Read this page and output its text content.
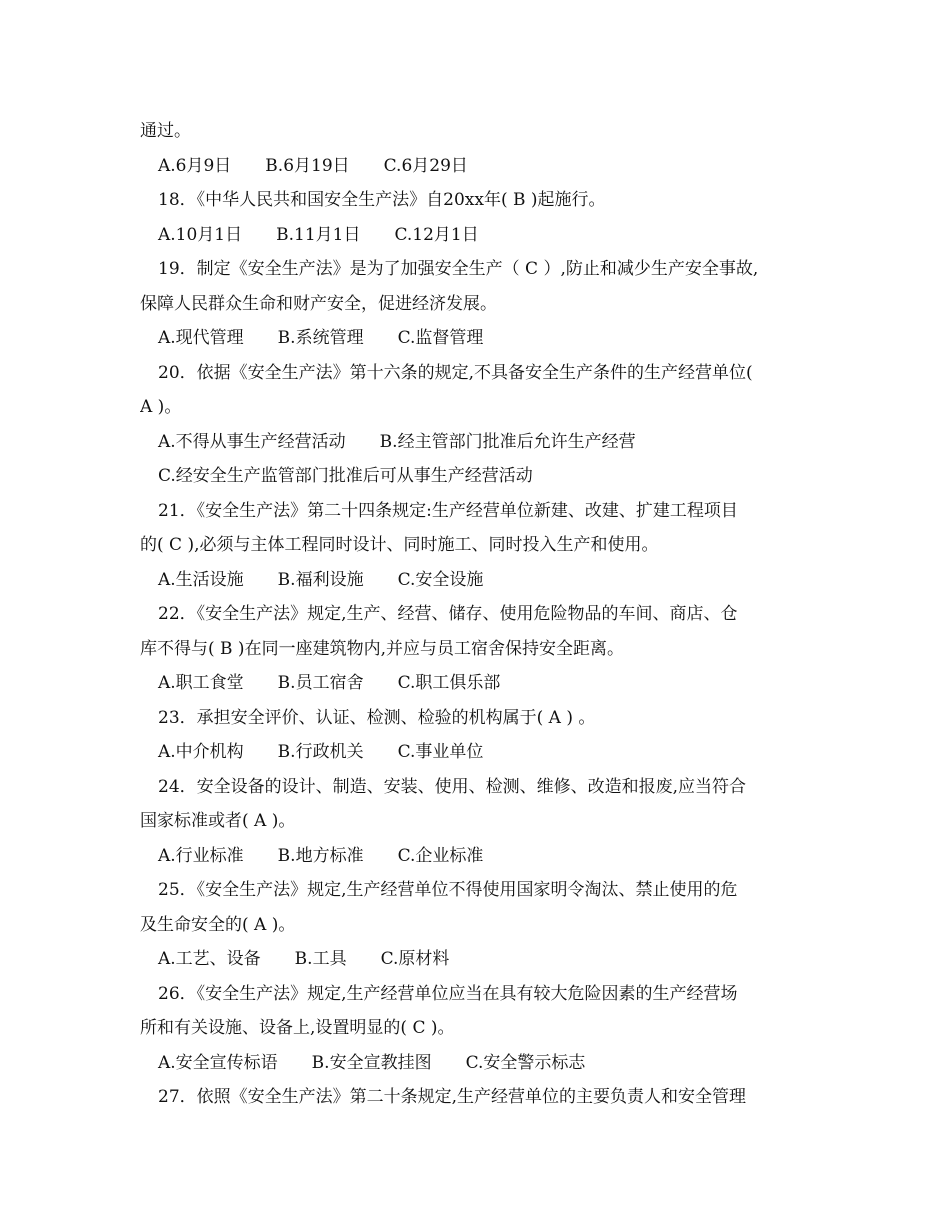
通过。
A.6月9日　　B.6月19日　　C.6月29日
18．《中华人民共和国安全生产法》自20xx年( B )起施行。
A.10月1日　　B.11月1日　　C.12月1日
19．制定《安全生产法》是为了加强安全生产（ C ）,防止和减少生产安全事故,
保障人民群众生命和财产安全，促进经济发展。
A.现代管理　　B.系统管理　　C.监督管理
20．依据《安全生产法》第十六条的规定,不具备安全生产条件的生产经营单位(
A )。
A.不得从事生产经营活动　　B.经主管部门批准后允许生产经营
C.经安全生产监管部门批准后可从事生产经营活动
21．《安全生产法》第二十四条规定:生产经营单位新建、改建、扩建工程项目
的( C ),必须与主体工程同时设计、同时施工、同时投入生产和使用。
A.生活设施　　B.福利设施　　C.安全设施
22．《安全生产法》规定,生产、经营、储存、使用危险物品的车间、商店、仓
库不得与( B )在同一座建筑物内,并应与员工宿舍保持安全距离。
A.职工食堂　　B.员工宿舍　　C.职工俱乐部
23．承担安全评价、认证、检测、检验的机构属于( A ) 。
A.中介机构　　B.行政机关　　C.事业单位
24．安全设备的设计、制造、安装、使用、检测、维修、改造和报废,应当符合
国家标准或者( A )。
A.行业标准　　B.地方标准　　C.企业标准
25．《安全生产法》规定,生产经营单位不得使用国家明令淘汰、禁止使用的危
及生命安全的( A )。
A.工艺、设备　　B.工具　　C.原材料
26．《安全生产法》规定,生产经营单位应当在具有较大危险因素的生产经营场
所和有关设施、设备上,设置明显的( C )。
A.安全宣传标语　　B.安全宣教挂图　　C.安全警示标志
27．依照《安全生产法》第二十条规定,生产经营单位的主要负责人和安全管理
